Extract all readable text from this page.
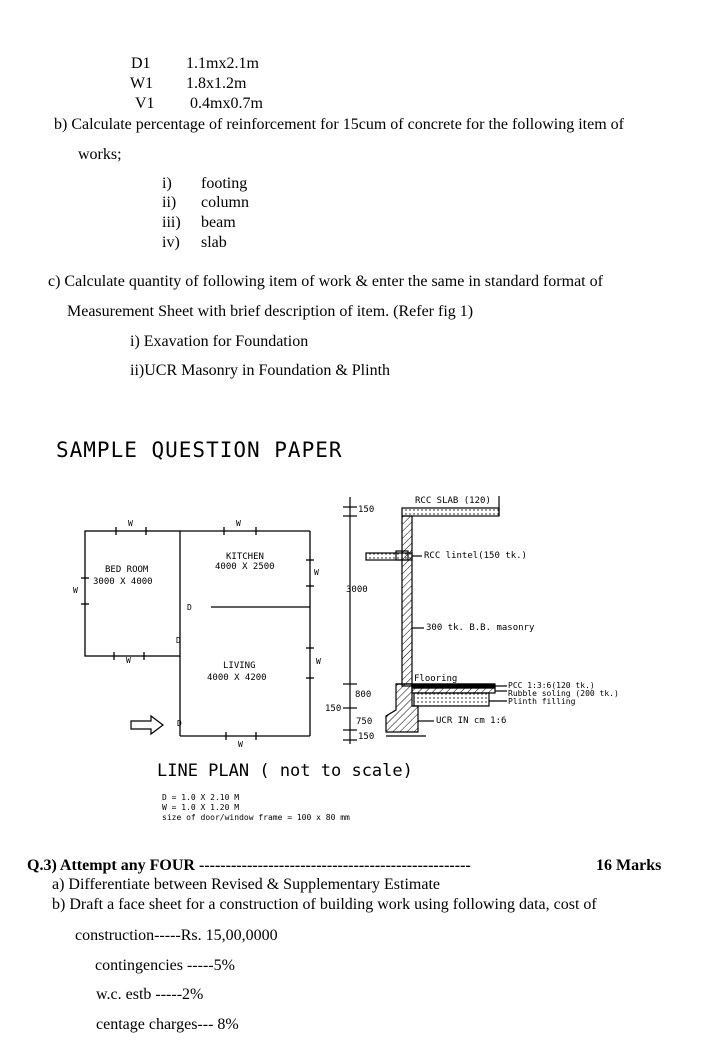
D1 1.1mx2.1m
W1 1.8x1.2m
V1 0.4mx0.7m
b) Calculate percentage of reinforcement for 15cum of concrete for the following item of
works;
i) footing
ii) column
iii) beam
iv) slab
c) Calculate quantity of following item of work & enter the same in standard format of
Measurement Sheet with brief description of item. (Refer fig 1)
i) Exavation for Foundation
ii)UCR Masonry in Foundation & Plinth
SAMPLE QUESTION PAPER
BED ROOM
3000 X 4000
KITCHEN
4000 X 2500
LIVING
4000 X 4200
W	W
W
W
W
W
W
D
D
D
RCC SLAB (120)
RCC lintel(150 tk.)
300 tk. B.B. masonry
Flooring
PCC 1:3:6(120 tk.)
Rubble soling (200 tk.)
Plinth filling
UCR IN cm 1:6
150
3000
800
150
750
150
LINE PLAN ( not to scale)
D = 1.0 X 2.10 M
W = 1.0 X 1.20 M
size of door/window frame = 100 x 80 mm
Q.3) Attempt any FOUR ---------------------------------------------------	16 Marks
a) Differentiate between Revised & Supplementary Estimate
b) Draft a face sheet for a construction of building work using following data, cost of
construction-----Rs. 15,00,0000
contingencies -----5%
w.c. estb -----2%
centage charges--- 8%
